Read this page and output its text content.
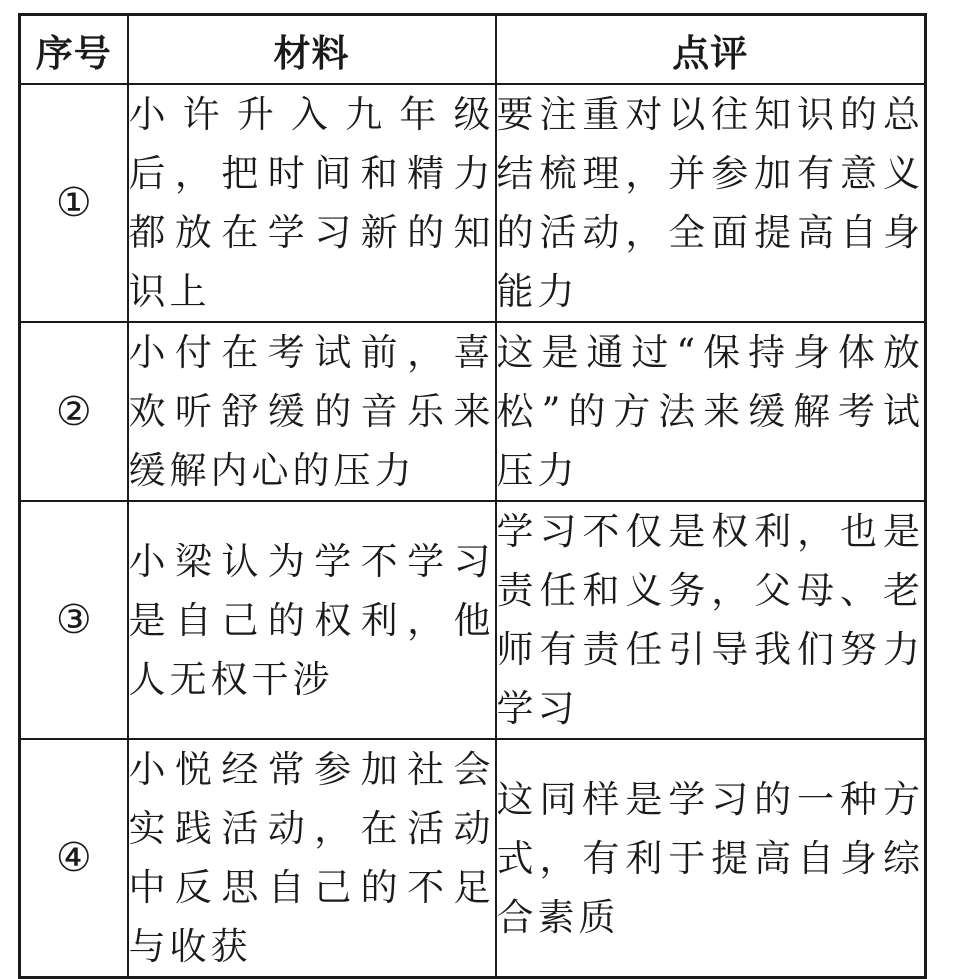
序号	材料	点评
①	小许升入九年级后，把时间和精力都放在学习新的知识上	要注重对以往知识的总结梳理，并参加有意义的活动，全面提高自身能力
②	小付在考试前，喜欢听舒缓的音乐来缓解内心的压力	这是通过“保持身体放松”的方法来缓解考试压力
③	小梁认为学不学习是自己的权利，他人无权干涉	学习不仅是权利，也是责任和义务，父母、老师有责任引导我们努力学习
④	小悦经常参加社会实践活动，在活动中反思自己的不足与收获	这同样是学习的一种方式，有利于提高自身综合素质
